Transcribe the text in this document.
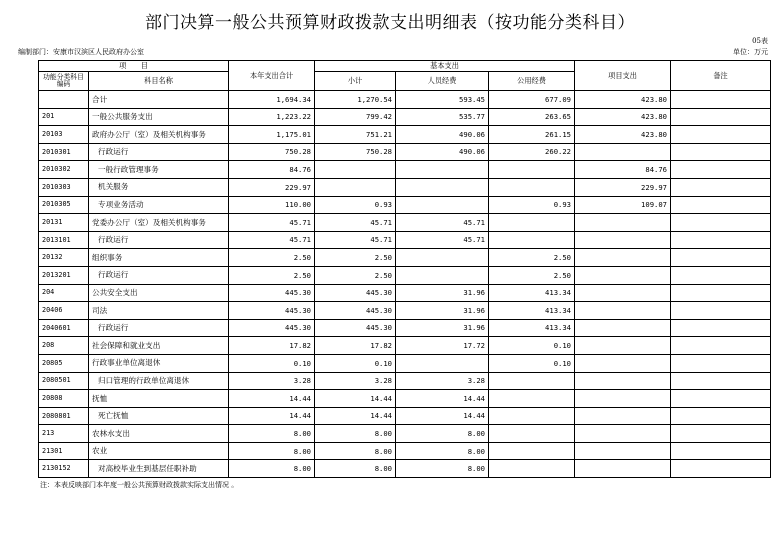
部门决算一般公共预算财政拨款支出明细表（按功能分类科目）
05表
编制部门：安康市汉滨区人民政府办公室	单位：万元
项　　目		本年支出合计	基本支出			项目支出	备注
功能分类科目编码	科目名称		小计	人员经费	公用经费		
	合计	1,694.34	1,270.54	593.45	677.09	423.80	
201	一般公共服务支出	1,223.22	799.42	535.77	263.65	423.80	
20103	政府办公厅（室）及相关机构事务	1,175.01	751.21	490.06	261.15	423.80	
2010301	行政运行	750.28	750.28	490.06	260.22		
2010302	一般行政管理事务	84.76				84.76	
2010303	机关服务	229.97				229.97	
2010305	专项业务活动	110.00	0.93		0.93	109.07	
20131	党委办公厅（室）及相关机构事务	45.71	45.71	45.71			
2013101	行政运行	45.71	45.71	45.71			
20132	组织事务	2.50	2.50		2.50		
2013201	行政运行	2.50	2.50		2.50		
204	公共安全支出	445.30	445.30	31.96	413.34		
20406	司法	445.30	445.30	31.96	413.34		
2040601	行政运行	445.30	445.30	31.96	413.34		
208	社会保障和就业支出	17.82	17.82	17.72	0.10		
20805	行政事业单位离退休	0.10	0.10		0.10		
2080501	归口管理的行政单位离退休	3.28	3.28	3.28			
20808	抚恤	14.44	14.44	14.44			
2080801	死亡抚恤	14.44	14.44	14.44			
213	农林水支出	8.00	8.00	8.00			
21301	农业	8.00	8.00	8.00			
2130152	对高校毕业生到基层任职补助	8.00	8.00	8.00			
注：本表反映部门本年度一般公共预算财政拨款实际支出情况 。
